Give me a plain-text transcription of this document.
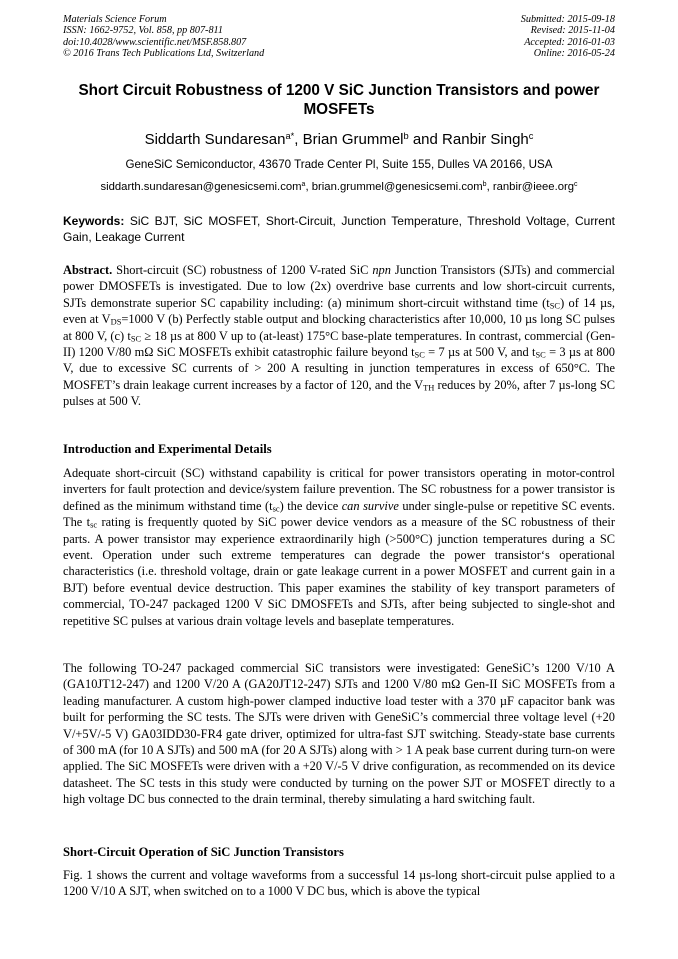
Materials Science Forum
ISSN: 1662-9752, Vol. 858, pp 807-811
doi:10.4028/www.scientific.net/MSF.858.807
© 2016 Trans Tech Publications Ltd, Switzerland
Submitted: 2015-09-18
Revised: 2015-11-04
Accepted: 2016-01-03
Online: 2016-05-24
Short Circuit Robustness of 1200 V SiC Junction Transistors and power MOSFETs
Siddarth Sundaresan$^{a*}$, Brian Grummel$^b$ and Ranbir Singh$^c$
GeneSiC Semiconductor, 43670 Trade Center Pl, Suite 155, Dulles VA 20166, USA
siddarth.sundaresan@genesicsemi.com$^a$, brian.grummel@genesicsemi.com$^b$, ranbir@ieee.org$^c$
Keywords: SiC BJT, SiC MOSFET, Short-Circuit, Junction Temperature, Threshold Voltage, Current Gain, Leakage Current

Abstract. Short-circuit (SC) robustness of 1200 V-rated SiC npn Junction Transistors (SJTs) and commercial power DMOSFETs is investigated. Due to low (2x) overdrive base currents and low short-circuit currents, SJTs demonstrate superior SC capability including: (a) minimum short-circuit withstand time $(t_{SC})$ of 14 µs, even at $V_{DS}=1000$ V (b) Perfectly stable output and blocking characteristics after 10,000, 10 µs long SC pulses at 800 V, (c) $t_{SC} \ge 18$ µs at 800 V up to (at-least) 175°C base-plate temperatures. In contrast, commercial (Gen-II) 1200 V/80 mΩ SiC MOSFETs exhibit catastrophic failure beyond $t_{SC} = 7$ µs at 500 V, and $t_{SC} = 3$ µs at 800 V, due to excessive SC currents of > 200 A resulting in junction temperatures in excess of 650°C. The MOSFET’s drain leakage current increases by a factor of 120, and the $V_{TH}$ reduces by 20%, after 7 µs-long SC pulses at 500 V.

Introduction and Experimental Details

Adequate short-circuit (SC) withstand capability is critical for power transistors operating in motor-control inverters for fault protection and device/system failure prevention. The SC robustness for a power transistor is defined as the minimum withstand time $(t_{sc})$ the device can survive under single-pulse or repetitive SC events. The $t_{sc}$ rating is frequently quoted by SiC power device vendors as a measure of the SC robustness of their parts. A power transistor may experience extraordinarily high (>500°C) junction temperatures during a SC event. Operation under such extreme temperatures can degrade the power transistor‘s operational characteristics (i.e. threshold voltage, drain or gate leakage current in a power MOSFET and current gain in a BJT) before eventual device destruction. This paper examines the stability of key transport parameters of commercial, TO-247 packaged 1200 V SiC DMOSFETs and SJTs, after being subjected to single-shot and repetitive SC pulses at various drain voltage levels and baseplate temperatures.

The following TO-247 packaged commercial SiC transistors were investigated: GeneSiC’s 1200 V/10 A (GA10JT12-247) and 1200 V/20 A (GA20JT12-247) SJTs and 1200 V/80 mΩ Gen-II SiC MOSFETs from a leading manufacturer. A custom high-power clamped inductive load tester with a 370 µF capacitor bank was built for performing the SC tests. The SJTs were driven with GeneSiC’s commercial three voltage level (+20 V/+5V/-5 V) GA03IDD30-FR4 gate driver, optimized for ultra-fast SJT switching. Steady-state base currents of 300 mA (for 10 A SJTs) and 500 mA (for 20 A SJTs) along with > 1 A peak base current during turn-on were applied. The SiC MOSFETs were driven with a +20 V/-5 V drive configuration, as recommended on its device datasheet. The SC tests in this study were conducted by turning on the power SJT or MOSFET directly to a high voltage DC bus connected to the drain terminal, thereby simulating a hard switching fault.

Short-Circuit Operation of SiC Junction Transistors

Fig. 1 shows the current and voltage waveforms from a successful 14 µs-long short-circuit pulse applied to a 1200 V/10 A SJT, when switched on to a 1000 V DC bus, which is above the typical
